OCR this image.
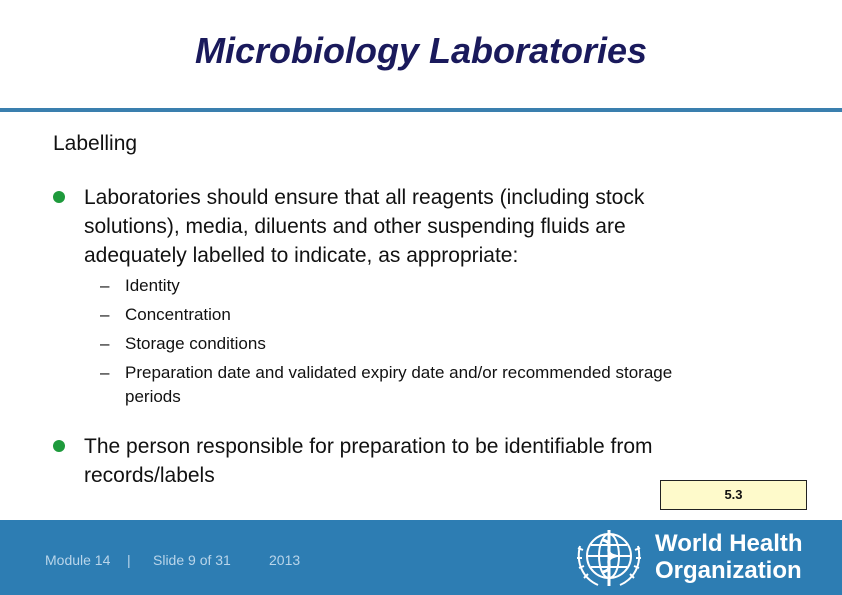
Microbiology Laboratories
Labelling
Laboratories should ensure that all reagents (including stock
solutions), media, diluents and other suspending fluids are
adequately labelled to indicate, as appropriate:
– Identity
– Concentration
– Storage conditions
– Preparation date and validated expiry date and/or recommended storage
periods
The person responsible for preparation to be identifiable from
records/labels
5.3
Module 14 | Slide 9 of 31	2013
World Health
Organization
